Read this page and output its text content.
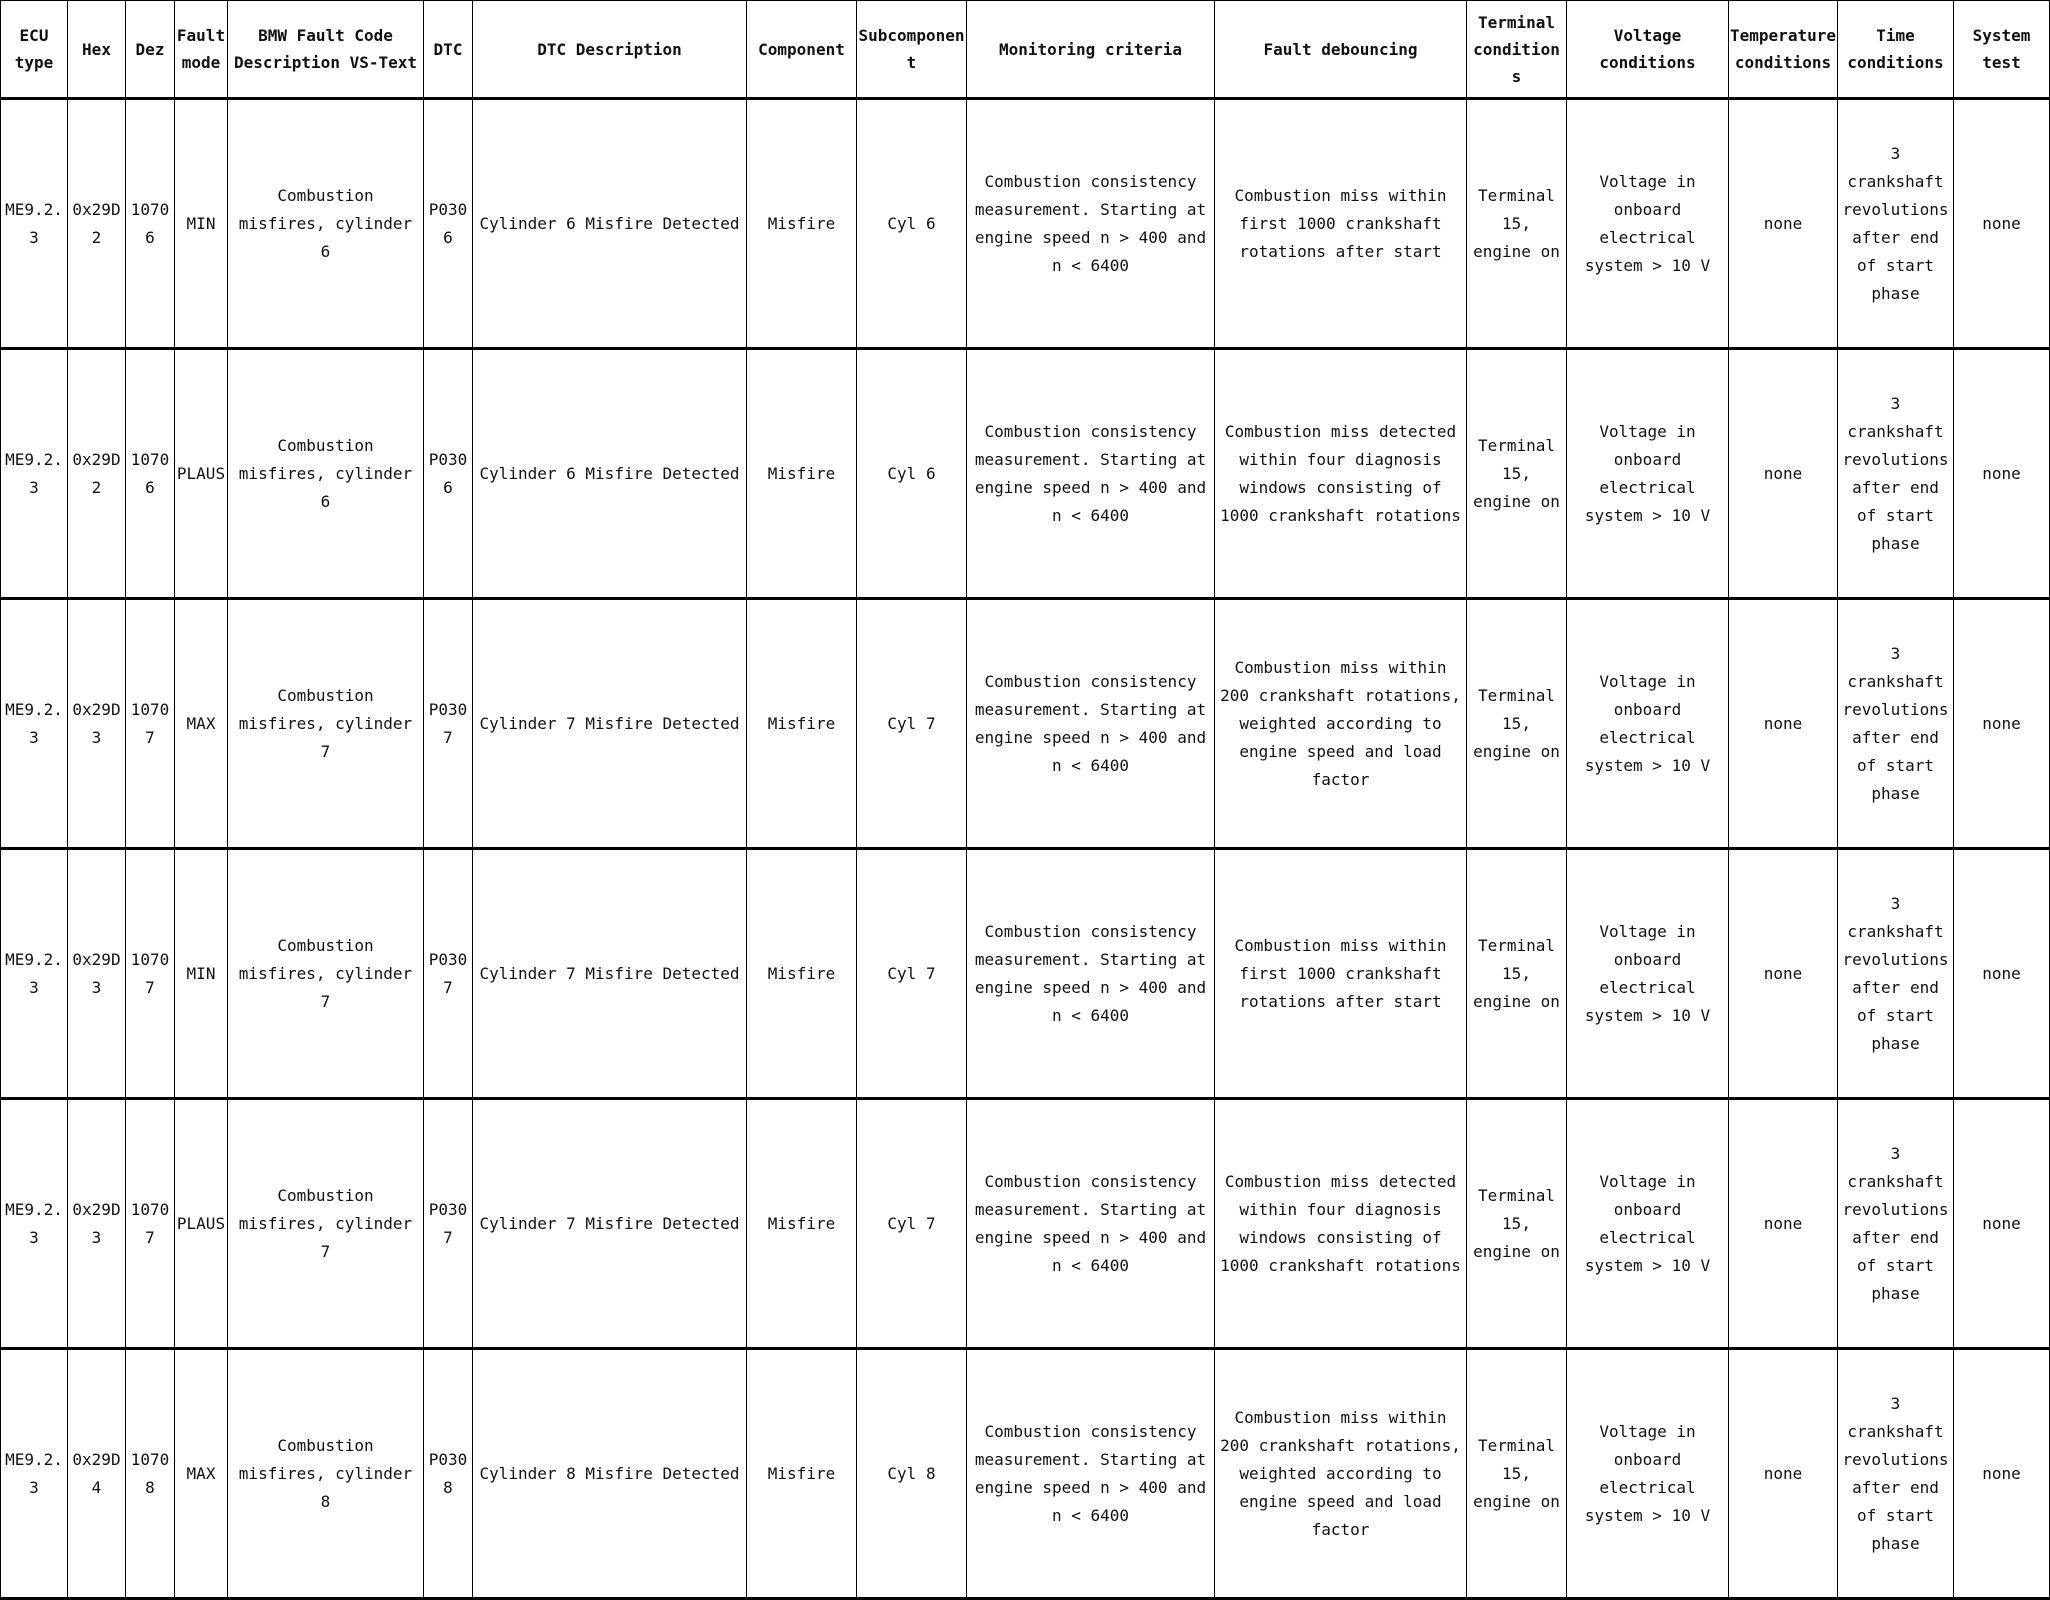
ECU type	Hex	Dez	Fault mode	BMW Fault Code Description VS-Text	DTC	DTC Description	Component	Subcomponent	Monitoring criteria	Fault debouncing	Terminal conditions	Voltage conditions	Temperature conditions	Time conditions	System test
ME9.2.3	0x29D2	10706	MIN	Combustion misfires, cylinder 6	P0306	Cylinder 6 Misfire Detected	Misfire	Cyl 6	Combustion consistency measurement. Starting at engine speed n > 400 and n < 6400	Combustion miss within first 1000 crankshaft rotations after start	Terminal 15, engine on	Voltage in onboard electrical system > 10 V	none	3 crankshaft revolutions after end of start phase	none
ME9.2.3	0x29D2	10706	PLAUS	Combustion misfires, cylinder 6	P0306	Cylinder 6 Misfire Detected	Misfire	Cyl 6	Combustion consistency measurement. Starting at engine speed n > 400 and n < 6400	Combustion miss detected within four diagnosis windows consisting of 1000 crankshaft rotations	Terminal 15, engine on	Voltage in onboard electrical system > 10 V	none	3 crankshaft revolutions after end of start phase	none
ME9.2.3	0x29D3	10707	MAX	Combustion misfires, cylinder 7	P0307	Cylinder 7 Misfire Detected	Misfire	Cyl 7	Combustion consistency measurement. Starting at engine speed n > 400 and n < 6400	Combustion miss within 200 crankshaft rotations, weighted according to engine speed and load factor	Terminal 15, engine on	Voltage in onboard electrical system > 10 V	none	3 crankshaft revolutions after end of start phase	none
ME9.2.3	0x29D3	10707	MIN	Combustion misfires, cylinder 7	P0307	Cylinder 7 Misfire Detected	Misfire	Cyl 7	Combustion consistency measurement. Starting at engine speed n > 400 and n < 6400	Combustion miss within first 1000 crankshaft rotations after start	Terminal 15, engine on	Voltage in onboard electrical system > 10 V	none	3 crankshaft revolutions after end of start phase	none
ME9.2.3	0x29D3	10707	PLAUS	Combustion misfires, cylinder 7	P0307	Cylinder 7 Misfire Detected	Misfire	Cyl 7	Combustion consistency measurement. Starting at engine speed n > 400 and n < 6400	Combustion miss detected within four diagnosis windows consisting of 1000 crankshaft rotations	Terminal 15, engine on	Voltage in onboard electrical system > 10 V	none	3 crankshaft revolutions after end of start phase	none
ME9.2.3	0x29D4	10708	MAX	Combustion misfires, cylinder 8	P0308	Cylinder 8 Misfire Detected	Misfire	Cyl 8	Combustion consistency measurement. Starting at engine speed n > 400 and n < 6400	Combustion miss within 200 crankshaft rotations, weighted according to engine speed and load factor	Terminal 15, engine on	Voltage in onboard electrical system > 10 V	none	3 crankshaft revolutions after end of start phase	none
